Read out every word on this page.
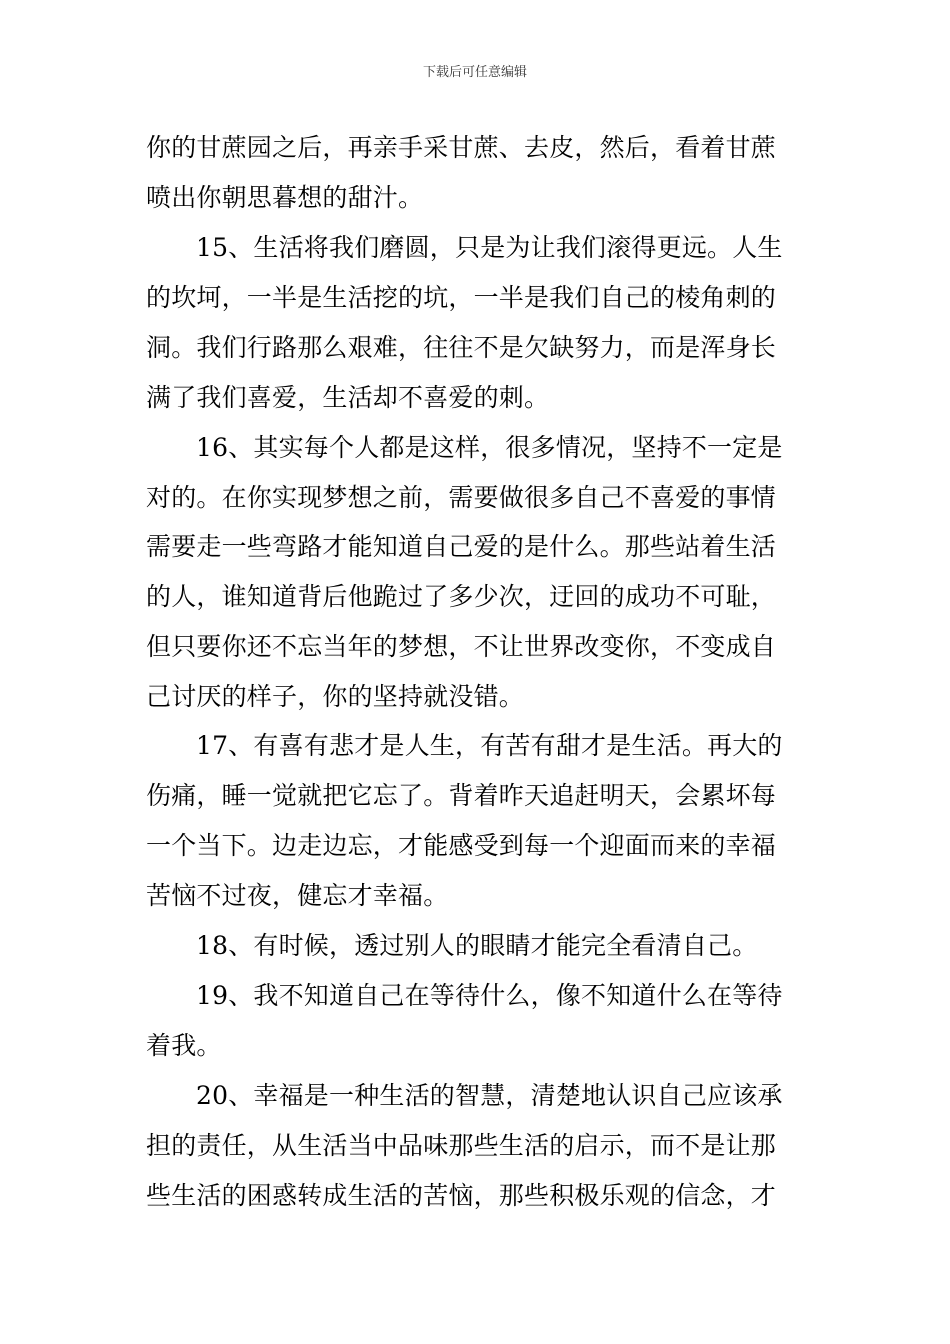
下载后可任意编辑
你的甘蔗园之后，再亲手采甘蔗、去皮，然后，看着甘蔗
喷出你朝思暮想的甜汁。
15、生活将我们磨圆，只是为让我们滚得更远。人生
的坎坷，一半是生活挖的坑，一半是我们自己的棱角刺的
洞。我们行路那么艰难，往往不是欠缺努力，而是浑身长
满了我们喜爱，生活却不喜爱的刺。
16、其实每个人都是这样，很多情况，坚持不一定是
对的。在你实现梦想之前，需要做很多自己不喜爱的事情
需要走一些弯路才能知道自己爱的是什么。那些站着生活
的人，谁知道背后他跪过了多少次，迂回的成功不可耻，
但只要你还不忘当年的梦想，不让世界改变你，不变成自
己讨厌的样子，你的坚持就没错。
17、有喜有悲才是人生，有苦有甜才是生活。再大的
伤痛，睡一觉就把它忘了。背着昨天追赶明天，会累坏每
一个当下。边走边忘，才能感受到每一个迎面而来的幸福
苦恼不过夜，健忘才幸福。
18、有时候，透过别人的眼睛才能完全看清自己。
19、我不知道自己在等待什么，像不知道什么在等待
着我。
20、幸福是一种生活的智慧，清楚地认识自己应该承
担的责任，从生活当中品味那些生活的启示，而不是让那
些生活的困惑转成生活的苦恼，那些积极乐观的信念，才
